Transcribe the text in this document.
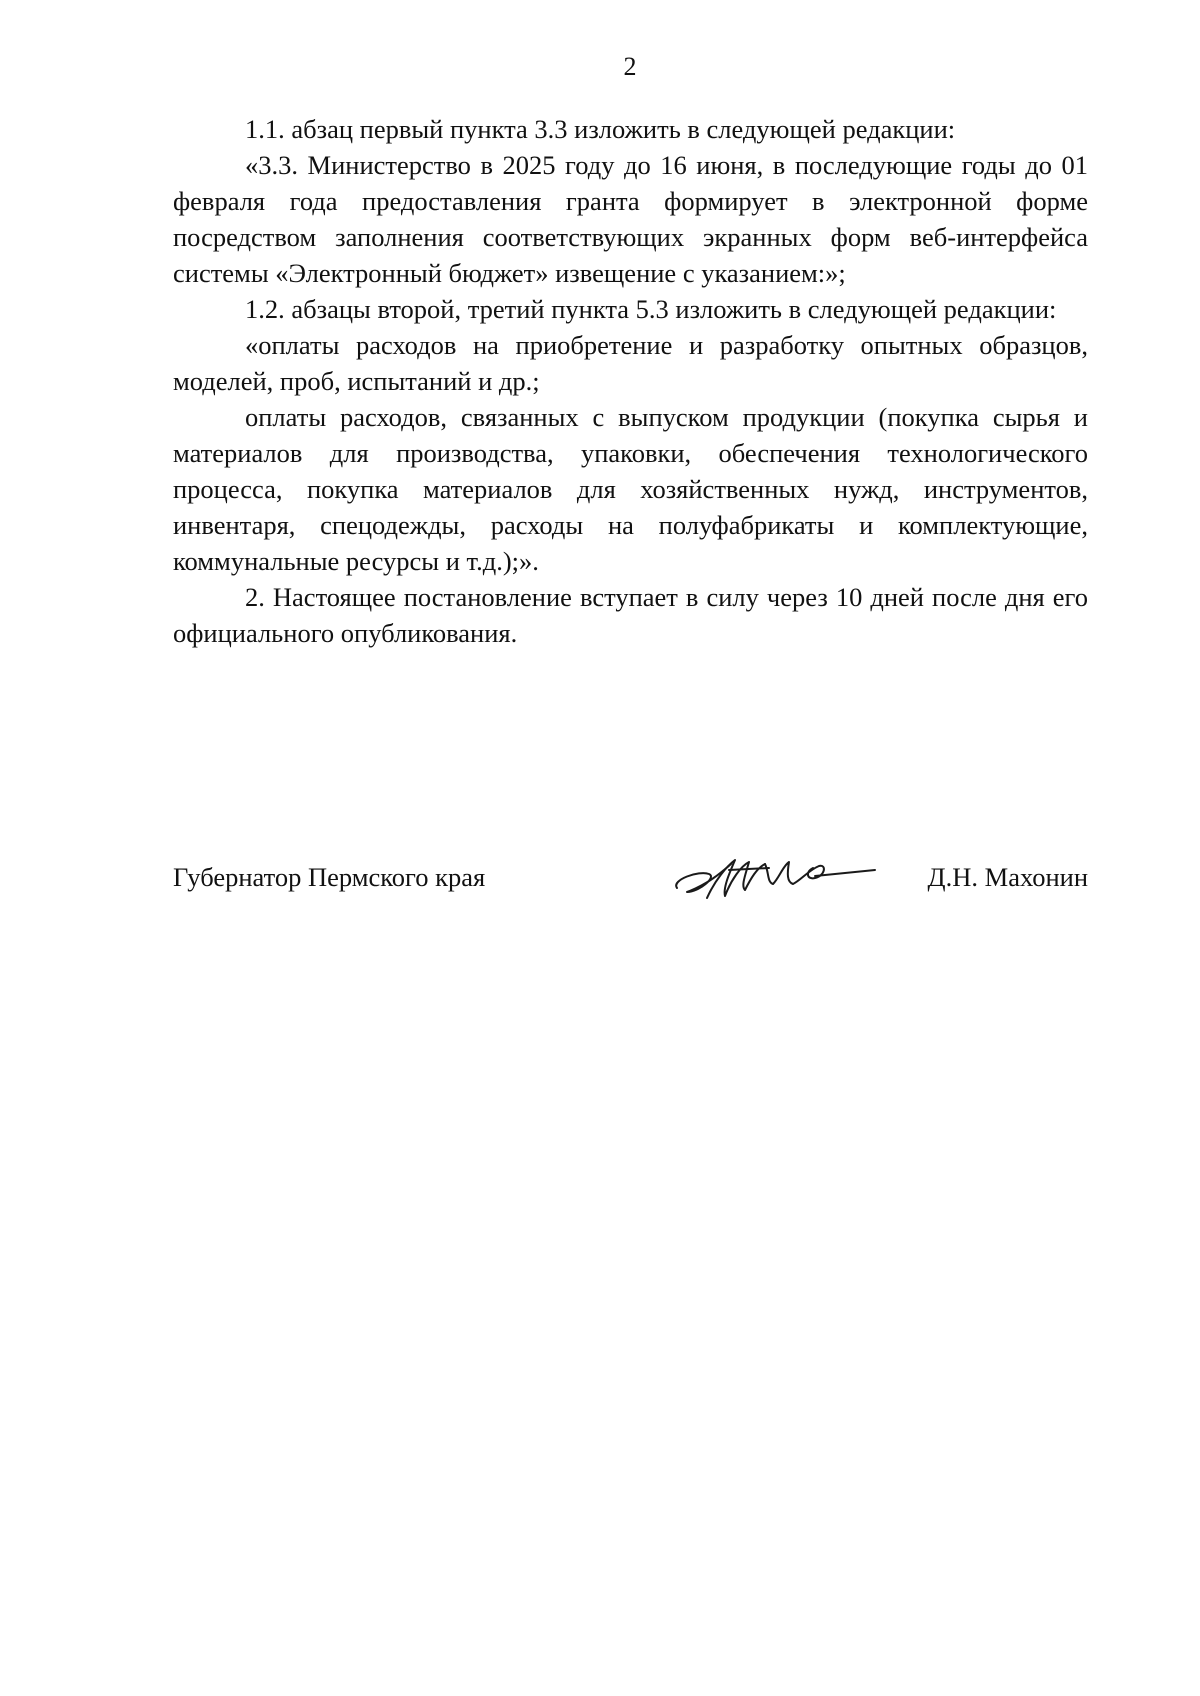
2

1.1. абзац первый пункта 3.3 изложить в следующей редакции:

«3.3. Министерство в 2025 году до 16 июня, в последующие годы до 01 февраля года предоставления гранта формирует в электронной форме посредством заполнения соответствующих экранных форм веб-интерфейса системы «Электронный бюджет» извещение с указанием:»;

1.2. абзацы второй, третий пункта 5.3 изложить в следующей редакции:

«оплаты расходов на приобретение и разработку опытных образцов, моделей, проб, испытаний и др.;

оплаты расходов, связанных с выпуском продукции (покупка сырья и материалов для производства, упаковки, обеспечения технологического процесса, покупка материалов для хозяйственных нужд, инструментов, инвентаря, спецодежды, расходы на полуфабрикаты и комплектующие, коммунальные ресурсы и т.д.);».

2. Настоящее постановление вступает в силу через 10 дней после дня его официального опубликования.

Губернатор Пермского края	Д.Н. Махонин
